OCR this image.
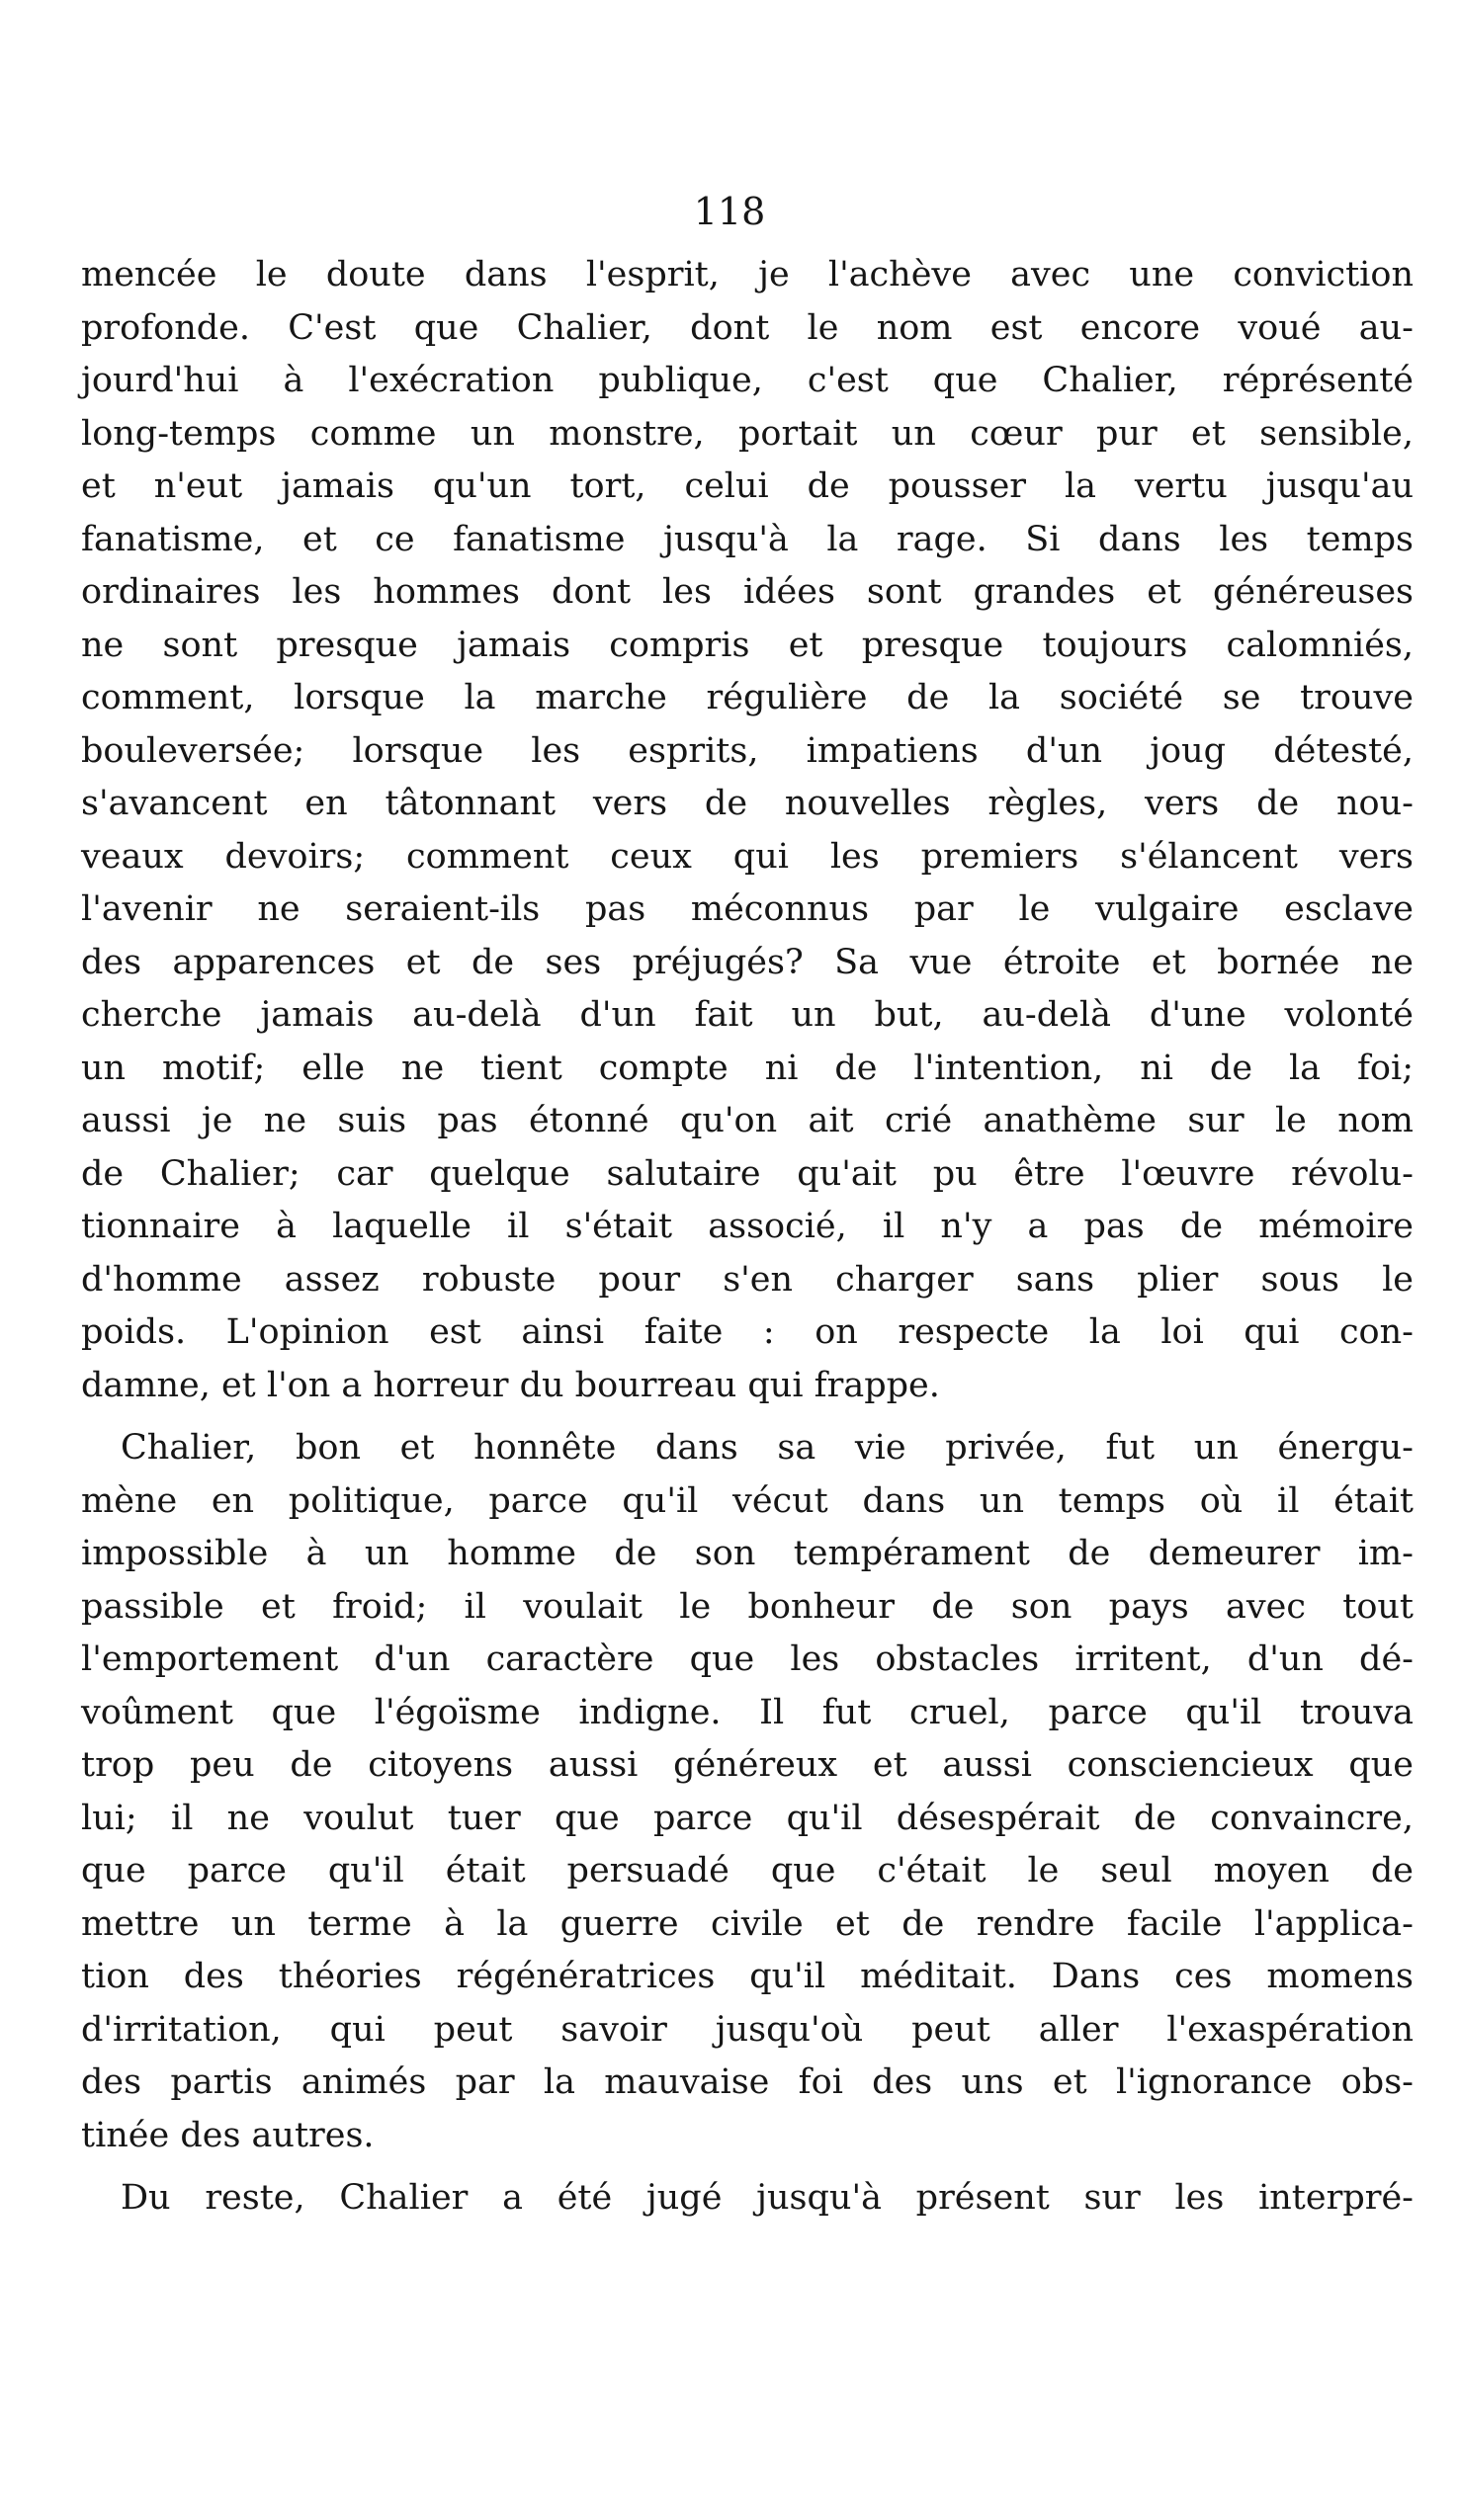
118
mencée le doute dans l'esprit, je l'achève avec une conviction
profonde. C'est que Chalier, dont le nom est encore voué au-
jourd'hui à l'exécration publique, c'est que Chalier, réprésenté
long-temps comme un monstre, portait un cœur pur et sensible,
et n'eut jamais qu'un tort, celui de pousser la vertu jusqu'au
fanatisme, et ce fanatisme jusqu'à la rage. Si dans les temps
ordinaires les hommes dont les idées sont grandes et généreuses
ne sont presque jamais compris et presque toujours calomniés,
comment, lorsque la marche régulière de la société se trouve
bouleversée; lorsque les esprits, impatiens d'un joug détesté,
s'avancent en tâtonnant vers de nouvelles règles, vers de nou-
veaux devoirs; comment ceux qui les premiers s'élancent vers
l'avenir ne seraient-ils pas méconnus par le vulgaire esclave
des apparences et de ses préjugés? Sa vue étroite et bornée ne
cherche jamais au-delà d'un fait un but, au-delà d'une volonté
un motif; elle ne tient compte ni de l'intention, ni de la foi;
aussi je ne suis pas étonné qu'on ait crié anathème sur le nom
de Chalier; car quelque salutaire qu'ait pu être l'œuvre révolu-
tionnaire à laquelle il s'était associé, il n'y a pas de mémoire
d'homme assez robuste pour s'en charger sans plier sous le
poids. L'opinion est ainsi faite : on respecte la loi qui con-
damne, et l'on a horreur du bourreau qui frappe.
Chalier, bon et honnête dans sa vie privée, fut un énergu-
mène en politique, parce qu'il vécut dans un temps où il était
impossible à un homme de son tempérament de demeurer im-
passible et froid; il voulait le bonheur de son pays avec tout
l'emportement d'un caractère que les obstacles irritent, d'un dé-
voûment que l'égoïsme indigne. Il fut cruel, parce qu'il trouva
trop peu de citoyens aussi généreux et aussi consciencieux que
lui; il ne voulut tuer que parce qu'il désespérait de convaincre,
que parce qu'il était persuadé que c'était le seul moyen de
mettre un terme à la guerre civile et de rendre facile l'applica-
tion des théories régénératrices qu'il méditait. Dans ces momens
d'irritation, qui peut savoir jusqu'où peut aller l'exaspération
des partis animés par la mauvaise foi des uns et l'ignorance obs-
tinée des autres.
Du reste, Chalier a été jugé jusqu'à présent sur les interpré-
